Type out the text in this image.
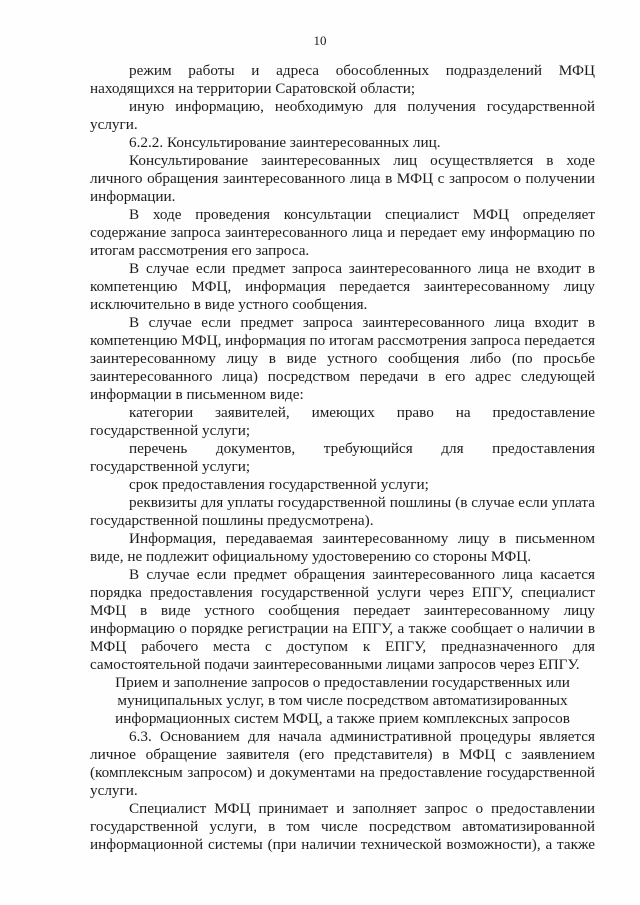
10
режим работы и адреса обособленных подразделений МФЦ
находящихся на территории Саратовской области;
иную информацию, необходимую для получения государственной
услуги.
6.2.2. Консультирование заинтересованных лиц.
Консультирование заинтересованных лиц осуществляется в ходе
личного обращения заинтересованного лица в МФЦ с запросом о получении
информации.
В ходе проведения консультации специалист МФЦ определяет
содержание запроса заинтересованного лица и передает ему информацию по
итогам рассмотрения его запроса.
В случае если предмет запроса заинтересованного лица не входит в
компетенцию МФЦ, информация передается заинтересованному лицу
исключительно в виде устного сообщения.
В случае если предмет запроса заинтересованного лица входит в
компетенцию МФЦ, информация по итогам рассмотрения запроса передается
заинтересованному лицу в виде устного сообщения либо (по просьбе
заинтересованного лица) посредством передачи в его адрес следующей
информации в письменном виде:
категории заявителей, имеющих право на предоставление
государственной услуги;
перечень документов, требующийся для предоставления
государственной услуги;
срок предоставления государственной услуги;
реквизиты для уплаты государственной пошлины (в случае если уплата
государственной пошлины предусмотрена).
Информация, передаваемая заинтересованному лицу в письменном
виде, не подлежит официальному удостоверению со стороны МФЦ.
В случае если предмет обращения заинтересованного лица касается
порядка предоставления государственной услуги через ЕПГУ, специалист
МФЦ в виде устного сообщения передает заинтересованному лицу
информацию о порядке регистрации на ЕПГУ, а также сообщает о наличии в
МФЦ рабочего места с доступом к ЕПГУ, предназначенного для
самостоятельной подачи заинтересованными лицами запросов через ЕПГУ.
Прием и заполнение запросов о предоставлении государственных или
муниципальных услуг, в том числе посредством автоматизированных
информационных систем МФЦ, а также прием комплексных запросов
6.3. Основанием для начала административной процедуры является
личное обращение заявителя (его представителя) в МФЦ с заявлением
(комплексным запросом) и документами на предоставление государственной
услуги.
Специалист МФЦ принимает и заполняет запрос о предоставлении
государственной услуги, в том числе посредством автоматизированной
информационной системы (при наличии технической возможности), а также
